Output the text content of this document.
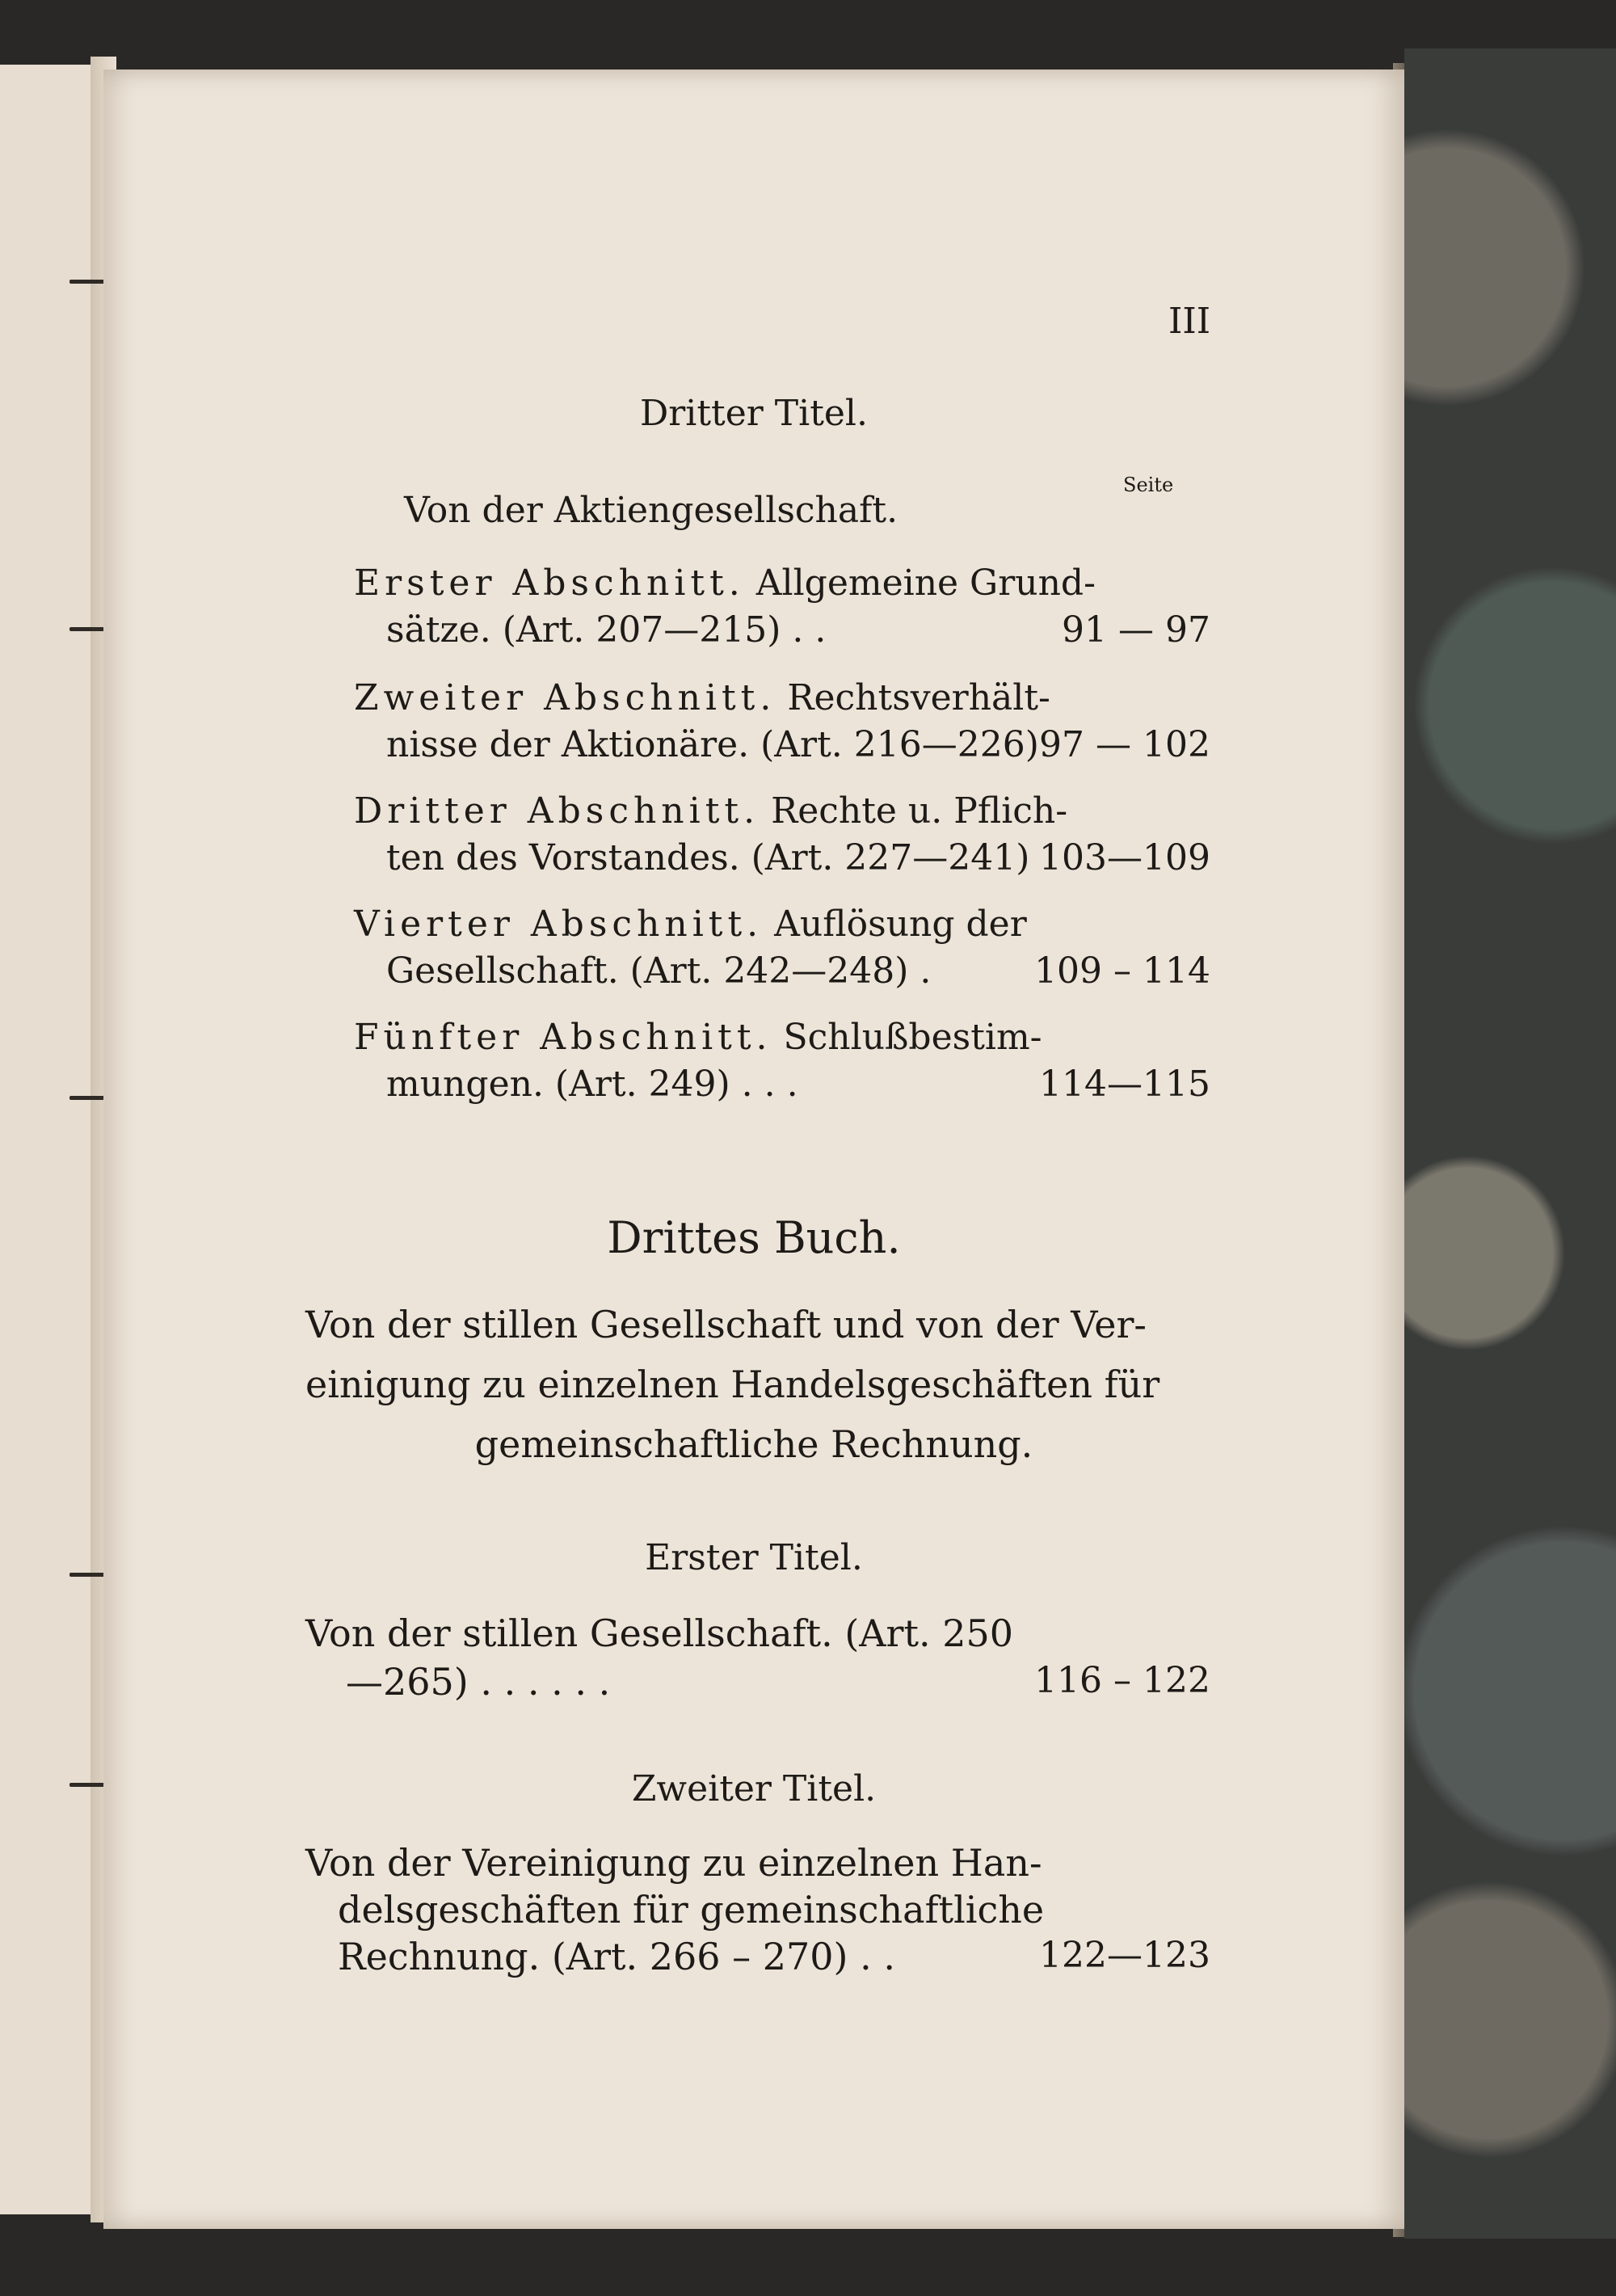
III
Dritter Titel.
Seite
Von der Aktiengesellschaft.
Erster Abschnitt. Allgemeine Grund-
sätze. (Art. 207—215) . .	91 — 97
Zweiter Abschnitt. Rechtsverhält-
nisse der Aktionäre. (Art. 216—226) 97 — 102
Dritter Abschnitt. Rechte u. Pflich-
ten des Vorstandes. (Art. 227—241) 103—109
Vierter Abschnitt. Auflösung der
Gesellschaft. (Art. 242—248) .	109 – 114
Fünfter Abschnitt. Schlußbestim-
mungen. (Art. 249) . . .	114—115
Drittes Buch.
Von der stillen Gesellschaft und von der Ver-
einigung zu einzelnen Handelsgeschäften für
gemeinschaftliche Rechnung.
Erster Titel.
Von der stillen Gesellschaft. (Art. 250
—265) . . . . . .	116 – 122
Zweiter Titel.
Von der Vereinigung zu einzelnen Han-
delsgeschäften für gemeinschaftliche
Rechnung. (Art. 266 – 270) . .	122—123
